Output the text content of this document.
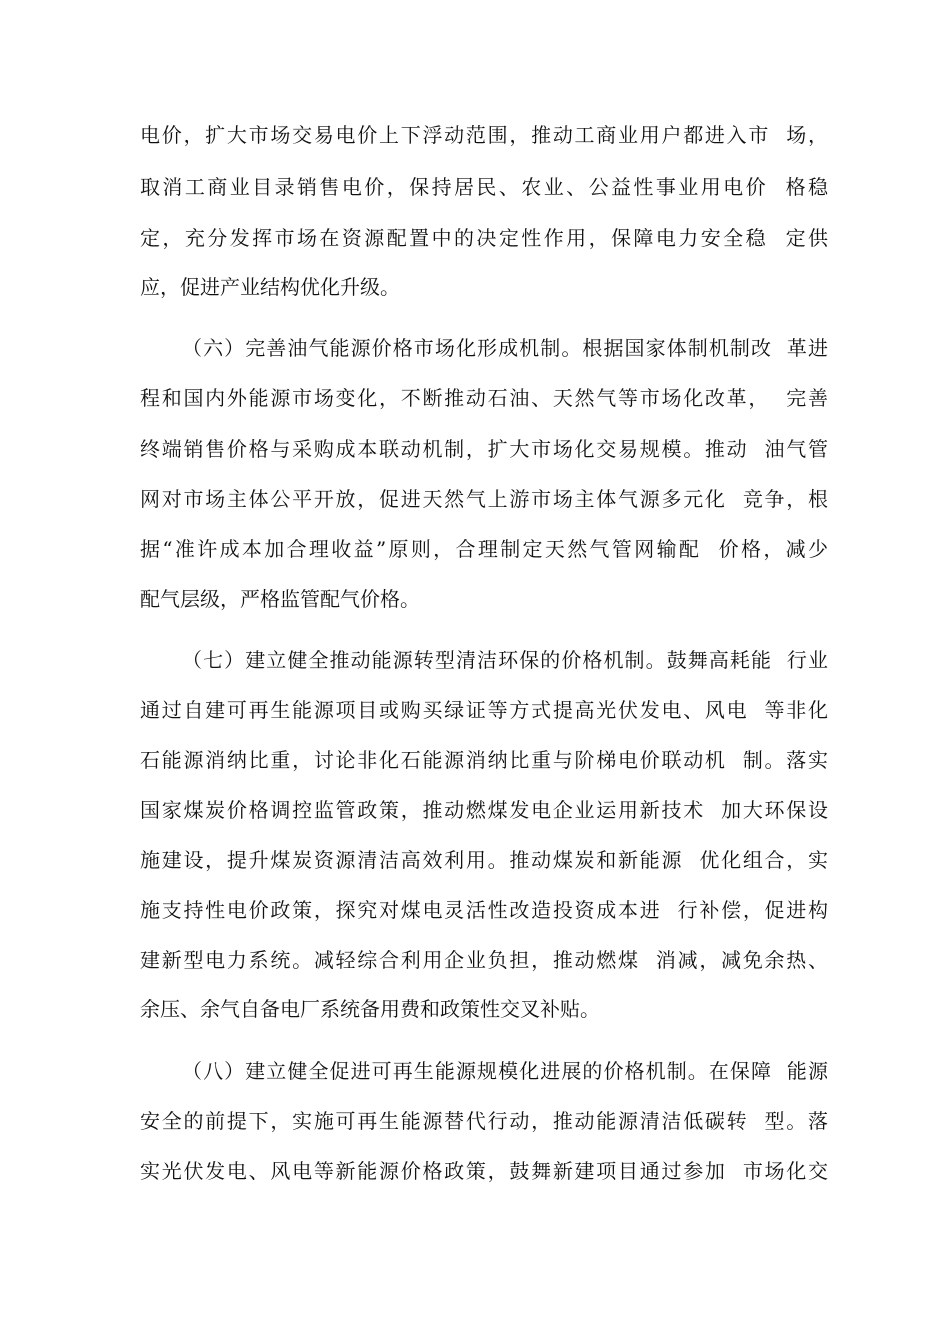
电价，扩大市场交易电价上下浮动范围，推动工商业用户都进入市  场，
取消工商业目录销售电价，保持居民、农业、公益性事业用电价  格稳
定，充分发挥市场在资源配置中的决定性作用，保障电力安全稳  定供
应，促进产业结构优化升级。
（六）完善油气能源价格市场化形成机制。根据国家体制机制改  革进
程和国内外能源市场变化，不断推动石油、天然气等市场化改革，  完善
终端销售价格与采购成本联动机制，扩大市场化交易规模。推动  油气管
网对市场主体公平开放，促进天然气上游市场主体气源多元化  竞争，根
据“准许成本加合理收益”原则，合理制定天然气管网输配  价格，减少
配气层级，严格监管配气价格。
（七）建立健全推动能源转型清洁环保的价格机制。鼓舞高耗能  行业
通过自建可再生能源项目或购买绿证等方式提高光伏发电、风电  等非化
石能源消纳比重，讨论非化石能源消纳比重与阶梯电价联动机  制。落实
国家煤炭价格调控监管政策，推动燃煤发电企业运用新技术  加大环保设
施建设，提升煤炭资源清洁高效利用。推动煤炭和新能源  优化组合，实
施支持性电价政策，探究对煤电灵活性改造投资成本进  行补偿，促进构
建新型电力系统。减轻综合利用企业负担，推动燃煤  消减，减免余热、
余压、余气自备电厂系统备用费和政策性交叉补贴。
（八）建立健全促进可再生能源规模化进展的价格机制。在保障  能源
安全的前提下，实施可再生能源替代行动，推动能源清洁低碳转  型。落
实光伏发电、风电等新能源价格政策，鼓舞新建项目通过参加  市场化交
